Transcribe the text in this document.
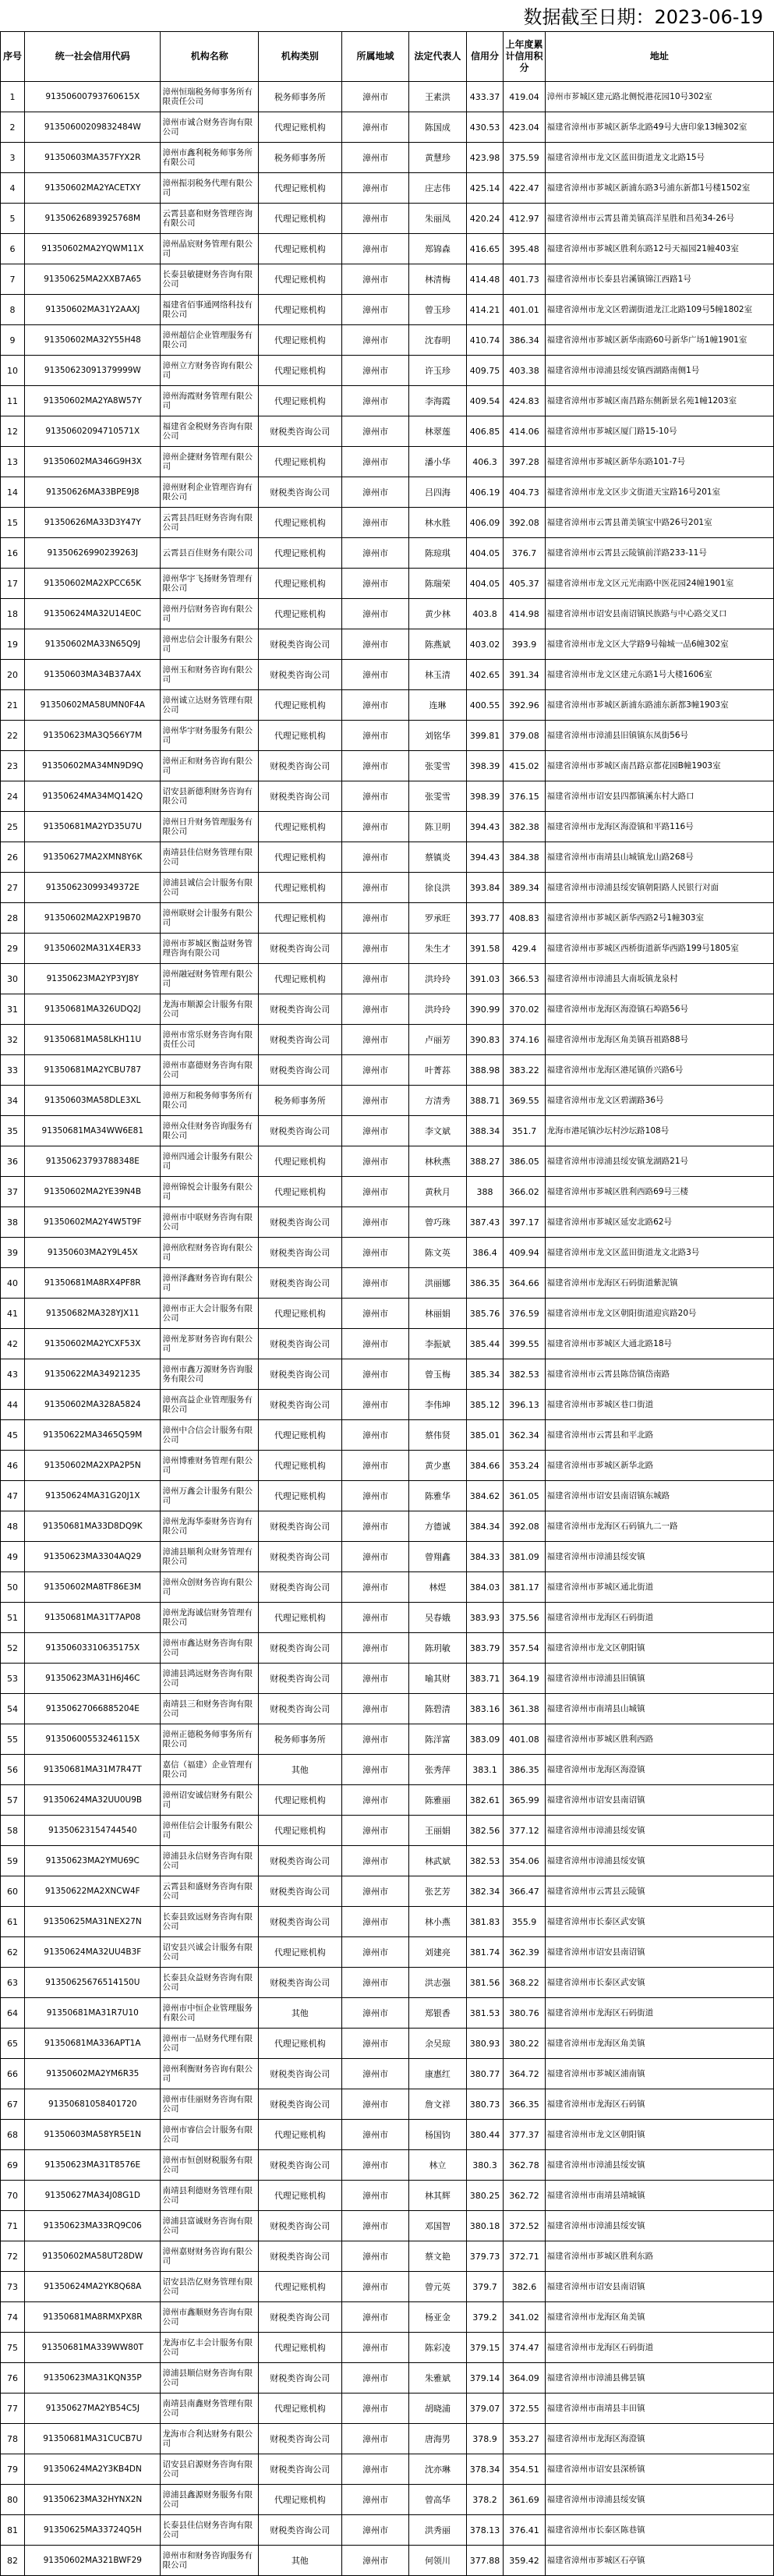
数据截至日期：2023-06-19
序号	统一社会信用代码	机构名称	机构类别	所属地域	法定代表人	信用分	上年度累计信用积分	地址
1	91350600793760615X	漳州恒瑞税务师事务所有限责任公司	税务师事务所	漳州市	王素洪	433.37	419.04	漳州市芗城区建元路北侧悦港花园10号302室
2	91350600209832484W	漳州市诚合财务咨询有限公司	代理记账机构	漳州市	陈国成	430.53	423.04	福建省漳州市芗城区新华北路49号大唐印象13幢302室
3	91350603MA357FYX2R	漳州市鑫利税务师事务所有限公司	税务师事务所	漳州市	黄慧珍	423.98	375.59	福建省漳州市龙文区蓝田街道龙文北路15号
4	91350602MA2YACETXY	漳州振羽税务代理有限公司	代理记账机构	漳州市	庄志伟	425.14	422.47	福建省漳州市芗城区新浦东路3号浦东新都1号楼1502室
5	91350626893925768M	云霄县嘉和财务管理咨询有限公司	代理记账机构	漳州市	朱丽凤	420.24	412.97	福建省漳州市云霄县莆美镇高洋星胜和昌苑34-26号
6	91350602MA2YQWM11X	漳州晶宸财务管理有限公司	代理记账机构	漳州市	郑锦森	416.65	395.48	福建省漳州市芗城区胜利东路12号天福园21幢403室
7	91350625MA2XXB7A65	长泰县敏捷财务咨询有限公司	代理记账机构	漳州市	林清梅	414.48	401.73	福建省漳州市长泰县岩溪镇锦江西路1号
8	91350602MA31Y2AAXJ	福建省佰事通网络科技有限公司	代理记账机构	漳州市	曾玉珍	414.21	401.01	福建省漳州市龙文区碧湖街道龙江北路109号5幢1802室
9	91350602MA32Y55H48	漳州超信企业管理服务有限公司	代理记账机构	漳州市	沈春明	410.74	386.34	福建省漳州市芗城区新华南路60号新华广场1幢1901室
10	91350623091379999W	漳州立方财务咨询有限公司	代理记账机构	漳州市	许玉珍	409.75	403.38	福建省漳州市漳浦县绥安镇西湖路南侧1号
11	91350602MA2YA8W57Y	漳州海霞财务管理有限公司	代理记账机构	漳州市	李海霞	409.54	424.83	福建省漳州市芗城区南昌路东侧新景名苑1幢1203室
12	91350602094710571X	福建省金税财务咨询有限公司	财税类咨询公司	漳州市	林翠莲	406.85	414.06	福建省漳州市芗城区厦门路15-10号
13	91350602MA346G9H3X	漳州企捷财务管理有限公司	代理记账机构	漳州市	潘小华	406.3	397.28	福建省漳州市芗城区新华东路101-7号
14	91350626MA33BPE9J8	漳州财利企业管理咨询有限公司	财税类咨询公司	漳州市	吕四海	406.19	404.73	福建省漳州市龙文区步文街道天宝路16号201室
15	91350626MA33D3Y47Y	云霄县昌旺财务咨询有限公司	代理记账机构	漳州市	林水胜	406.09	392.08	福建省漳州市云霄县莆美镇宝中路26号201室
16	91350626990239263J	云霄县百佳财务有限公司	代理记账机构	漳州市	陈琼琪	404.05	376.7	福建省漳州市云霄县云陵镇前洋路233-11号
17	91350602MA2XPCC65K	漳州华宇飞扬财务管理有限公司	代理记账机构	漳州市	陈瑞荣	404.05	405.37	福建省漳州市龙文区元光南路中医花园24幢1901室
18	91350624MA32U14E0C	漳州丹信财务咨询有限公司	代理记账机构	漳州市	黄少林	403.8	414.98	福建省漳州市诏安县南诏镇民族路与中心路交叉口
19	91350602MA33N65Q9J	漳州忠信会计服务有限公司	财税类咨询公司	漳州市	陈燕斌	403.02	393.9	福建省漳州市龙文区大学路9号翰城一品6幢302室
20	91350603MA34B37A4X	漳州玉和财务咨询有限公司	财税类咨询公司	漳州市	林玉清	402.65	391.34	福建省漳州市龙文区建元东路1号大楼1606室
21	91350602MA58UMN0F4A	漳州诚立达财务管理有限公司	代理记账机构	漳州市	连琳	400.55	392.96	福建省漳州市芗城区新浦东路浦东新都3幢1903室
22	91350623MA3Q566Y7M	漳州华宇财务服务有限公司	代理记账机构	漳州市	刘铭华	399.81	379.08	福建省漳州市漳浦县旧镇镇东凤街56号
23	91350602MA34MN9D9Q	漳州正和财务咨询有限公司	财税类咨询公司	漳州市	张雯雪	398.39	415.02	福建省漳州市芗城区南昌路京都花园B幢1903室
24	91350624MA34MQ142Q	诏安县新德利财务咨询有限公司	财税类咨询公司	漳州市	张雯雪	398.39	376.15	福建省漳州市诏安县四都镇溪东村大路口
25	91350681MA2YD35U7U	漳州日升财务管理服务有限公司	代理记账机构	漳州市	陈卫明	394.43	382.38	福建省漳州市龙海区海澄镇和平路116号
26	91350627MA2XMN8Y6K	南靖县佳信财务管理有限公司	代理记账机构	漳州市	蔡镇炎	394.43	384.38	福建省漳州市南靖县山城镇龙山路268号
27	91350623099349372E	漳浦县诚信会计服务有限公司	代理记账机构	漳州市	徐良洪	393.84	389.34	福建省漳州市漳浦县绥安镇朝阳路人民银行对面
28	91350602MA2XP19B70	漳州联财会计服务有限公司	代理记账机构	漳州市	罗承旺	393.77	408.83	福建省漳州市芗城区新华西路2号1幢303室
29	91350602MA31X4ER33	漳州市芗城区衡益财务管理咨询有限公司	财税类咨询公司	漳州市	朱生才	391.58	429.4	福建省漳州市芗城区西桥街道新华西路199号1805室
30	91350623MA2YP3YJ8Y	漳州融冠财务管理有限公司	代理记账机构	漳州市	洪玲玲	391.03	366.53	福建省漳州市漳浦县大南坂镇龙泉村
31	91350681MA326UDQ2J	龙海市顺源会计服务有限公司	财税类咨询公司	漳州市	洪玲玲	390.99	370.02	福建省漳州市龙海区海澄镇石埠路56号
32	91350681MA58LKH11U	漳州市常乐财务咨询有限责任公司	财税类咨询公司	漳州市	卢丽芳	390.83	374.16	福建省漳州市龙海区角美镇吾祖路88号
33	91350681MA2YCBU787	漳州市嘉德财务咨询有限公司	财税类咨询公司	漳州市	叶菁荪	388.98	383.22	福建省漳州市龙海区港尾镇侨兴路6号
34	91350603MA58DLE3XL	漳州万和税务师事务所有限公司	税务师事务所	漳州市	方清秀	388.71	369.55	福建省漳州市龙文区碧湖路36号
35	91350681MA34WW6E81	漳州众佳财务咨询服务有限公司	财税类咨询公司	漳州市	李文斌	388.34	351.7	龙海市港尾镇沙坛村沙坛路108号
36	91350623793788348E	漳州四通会计服务有限公司	代理记账机构	漳州市	林秋燕	388.27	386.05	福建省漳州市漳浦县绥安镇龙湖路21号
37	91350602MA2YE39N4B	漳州锦悦会计服务有限公司	代理记账机构	漳州市	黄秋月	388	366.02	福建省漳州市芗城区胜利西路69号三楼
38	91350602MA2Y4W5T9F	漳州市中联财务咨询有限公司	财税类咨询公司	漳州市	曾巧珠	387.43	397.17	福建省漳州市芗城区延安北路62号
39	91350603MA2Y9L45X	漳州欣程财务咨询有限公司	财税类咨询公司	漳州市	陈文英	386.4	409.94	福建省漳州市龙文区蓝田街道龙文北路3号
40	91350681MA8RX4PF8R	漳州泽鑫财务咨询有限公司	财税类咨询公司	漳州市	洪丽娜	386.35	364.66	福建省漳州市龙海区石码街道紫泥镇
41	91350682MA328YJX11	漳州市正大会计服务有限公司	代理记账机构	漳州市	林丽娟	385.76	376.59	福建省漳州市龙文区朝阳街道迎宾路20号
42	91350602MA2YCXF53X	漳州龙芗财务咨询有限公司	财税类咨询公司	漳州市	李振斌	385.44	399.55	福建省漳州市芗城区大通北路18号
43	91350622MA34921235	漳州市鑫万源财务咨询服务有限公司	财税类咨询公司	漳州市	曾玉梅	385.34	382.53	福建省漳州市云霄县陈岱镇岱南路
44	91350602MA328A5824	漳州高益企业管理服务有限公司	财税类咨询公司	漳州市	李伟坤	385.12	396.13	福建省漳州市芗城区巷口街道
45	91350622MA3465Q59M	漳州中合信会计服务有限公司	代理记账机构	漳州市	蔡伟贤	385.01	362.34	福建省漳州市云霄县和平北路
46	91350602MA2XPA2P5N	漳州博雅财务管理有限公司	代理记账机构	漳州市	黄少惠	384.66	353.24	福建省漳州市芗城区新华北路
47	91350624MA31G20J1X	漳州万鑫会计服务有限公司	代理记账机构	漳州市	陈雅华	384.62	361.05	福建省漳州市诏安县南诏镇东城路
48	91350681MA33D8DQ9K	漳州龙海华泰财务咨询有限公司	财税类咨询公司	漳州市	方德诚	384.34	392.08	福建省漳州市龙海区石码镇九二一路
49	91350623MA3304AQ29	漳浦县顺利众财务管理有限公司	财税类咨询公司	漳州市	曾翔鑫	384.33	381.09	福建省漳州市漳浦县绥安镇
50	91350602MA8TF86E3M	漳州众创财务咨询有限公司	财税类咨询公司	漳州市	林煜	384.03	381.17	福建省漳州市芗城区通北街道
51	91350681MA31T7AP08	漳州龙海诚信财务管理有限公司	代理记账机构	漳州市	吴春娥	383.93	375.56	福建省漳州市龙海区石码街道
52	91350603310635175X	漳州市鑫达财务咨询有限公司	财税类咨询公司	漳州市	陈玥敏	383.79	357.54	福建省漳州市龙文区朝阳镇
53	91350623MA31H6J46C	漳浦县鸿远财务咨询有限公司	财税类咨询公司	漳州市	喻其财	383.71	364.19	福建省漳州市漳浦县旧镇镇
54	91350627066885204E	南靖县三和财务咨询有限公司	财税类咨询公司	漳州市	陈碧清	383.16	361.38	福建省漳州市南靖县山城镇
55	91350600553246115X	漳州正德税务师事务所有限公司	税务师事务所	漳州市	陈洋富	383.09	401.08	福建省漳州市芗城区胜利西路
56	91350681MA31M7R47T	嘉信（福建）企业管理有限公司	其他	漳州市	张秀萍	383.1	386.35	福建省漳州市龙海区海澄镇
57	91350624MA32UU0U9B	漳州诏安诚信财务有限公司	代理记账机构	漳州市	陈雅丽	382.61	365.99	福建省漳州市诏安县南诏镇
58	91350623154744540	漳州佳信会计服务有限公司	代理记账机构	漳州市	王丽娟	382.56	377.12	福建省漳州市漳浦县绥安镇
59	91350623MA2YMU69C	漳浦县永信财务咨询有限公司	财税类咨询公司	漳州市	林武斌	382.53	354.06	福建省漳州市漳浦县绥安镇
60	91350622MA2XNCW4F	云霄县和盛财务咨询有限公司	财税类咨询公司	漳州市	张艺芳	382.34	366.47	福建省漳州市云霄县云陵镇
61	91350625MA31NEX27N	长泰县致远财务咨询有限公司	财税类咨询公司	漳州市	林小燕	381.83	355.9	福建省漳州市长泰区武安镇
62	91350624MA32UU4B3F	诏安县兴诚会计服务有限公司	代理记账机构	漳州市	刘建亮	381.74	362.39	福建省漳州市诏安县南诏镇
63	91350625676514150U	长泰县众益财务咨询有限公司	财税类咨询公司	漳州市	洪志强	381.56	368.22	福建省漳州市长泰区武安镇
64	91350681MA31R7U10	漳州市中恒企业管理服务有限公司	其他	漳州市	郑银香	381.53	380.76	福建省漳州市龙海区石码街道
65	91350681MA336APT1A	漳州市一品财务代理有限公司	代理记账机构	漳州市	余吴琼	380.93	380.22	福建省漳州市龙海区角美镇
66	91350602MA2YM6R35	漳州利衡财务咨询有限公司	财税类咨询公司	漳州市	康惠红	380.77	364.72	福建省漳州市芗城区浦南镇
67	91350681058401720	漳州市佳丽财务咨询有限公司	财税类咨询公司	漳州市	詹文祥	380.73	366.35	福建省漳州市龙海区石码镇
68	91350603MA58YR5E1N	漳州市睿信会计服务有限公司	代理记账机构	漳州市	杨国钧	380.44	377.37	福建省漳州市龙文区朝阳镇
69	91350623MA31T8576E	漳州市恒创财税服务有限公司	财税类咨询公司	漳州市	林立	380.3	362.78	福建省漳州市漳浦县绥安镇
70	91350627MA34J08G1D	南靖县利德财务管理有限公司	代理记账机构	漳州市	林其辉	380.25	362.72	福建省漳州市南靖县靖城镇
71	91350623MA33RQ9C06	漳浦县富诚财务咨询有限公司	财税类咨询公司	漳州市	邓国智	380.18	372.52	福建省漳州市漳浦县绥安镇
72	91350602MA58UT28DW	漳州嘉财财务咨询有限公司	财税类咨询公司	漳州市	蔡文艳	379.73	372.71	福建省漳州市芗城区胜利东路
73	91350624MA2YK8Q68A	诏安县浩亿财务管理有限公司	代理记账机构	漳州市	曾元英	379.7	382.6	福建省漳州市诏安县南诏镇
74	91350681MA8RMXPX8R	漳州市鑫顺财务咨询有限公司	财税类咨询公司	漳州市	杨亚金	379.2	341.02	福建省漳州市龙海区角美镇
75	91350681MA339WW80T	龙海市亿丰会计服务有限公司	代理记账机构	漳州市	陈彩凌	379.15	374.47	福建省漳州市龙海区石码街道
76	91350623MA31KQN35P	漳浦县顺信财务咨询有限公司	财税类咨询公司	漳州市	朱雅斌	379.14	364.09	福建省漳州市漳浦县佛昙镇
77	91350627MA2YB54C5J	南靖县南鑫财务管理有限公司	代理记账机构	漳州市	胡晓浦	379.07	372.55	福建省漳州市南靖县丰田镇
78	91350681MA31CUCB7U	龙海市合利达财务有限公司	财税类咨询公司	漳州市	唐海男	378.9	353.27	福建省漳州市龙海区海澄镇
79	91350624MA2Y3KB4DN	诏安县启源财务咨询有限公司	财税类咨询公司	漳州市	沈亦琳	378.34	354.51	福建省漳州市诏安县深桥镇
80	91350623MA32HYNX2N	漳浦县鑫源财务服务有限公司	代理记账机构	漳州市	曾高华	378.2	361.69	福建省漳州市漳浦县绥安镇
81	91350625MA33724Q5H	长泰县佳信财务咨询有限公司	财税类咨询公司	漳州市	洪秀丽	378.13	376.41	福建省漳州市长泰区陈巷镇
82	91350602MA321BWF29	漳州市和财务咨询服务有限公司	其他	漳州市	何领川	377.88	359.42	福建省漳州市芗城区石亭镇
